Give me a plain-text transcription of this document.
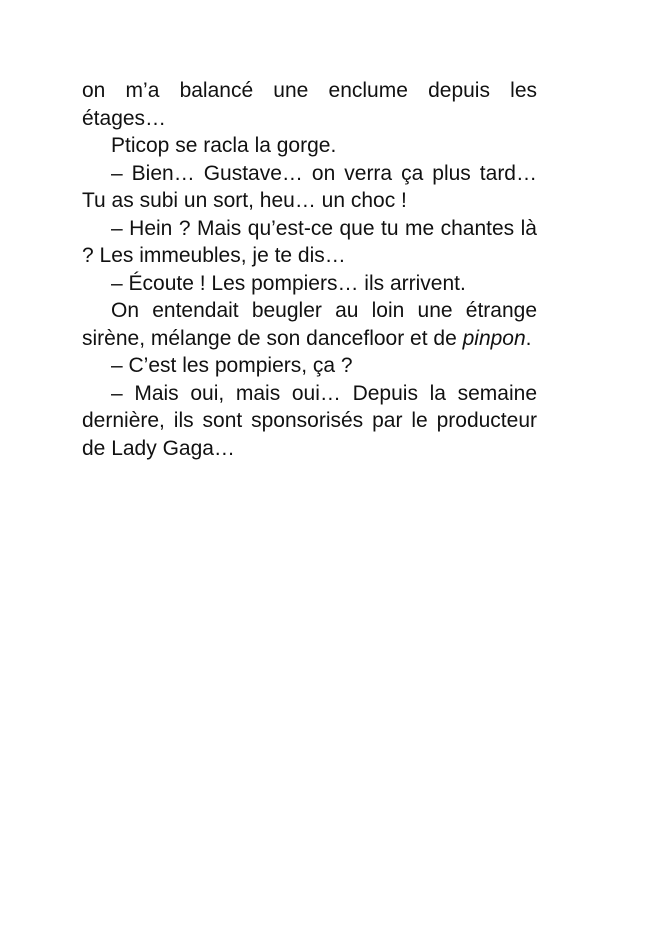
on m’a balancé une enclume depuis les étages…

Pticop se racla la gorge.

– Bien… Gustave… on verra ça plus tard… Tu as subi un sort, heu… un choc !

– Hein ? Mais qu’est-ce que tu me chantes là ? Les immeubles, je te dis…

– Écoute ! Les pompiers… ils arrivent.

On entendait beugler au loin une étrange sirène, mélange de son dancefloor et de pinpon.

– C’est les pompiers, ça ?

– Mais oui, mais oui… Depuis la semaine dernière, ils sont sponsorisés par le producteur de Lady Gaga…
